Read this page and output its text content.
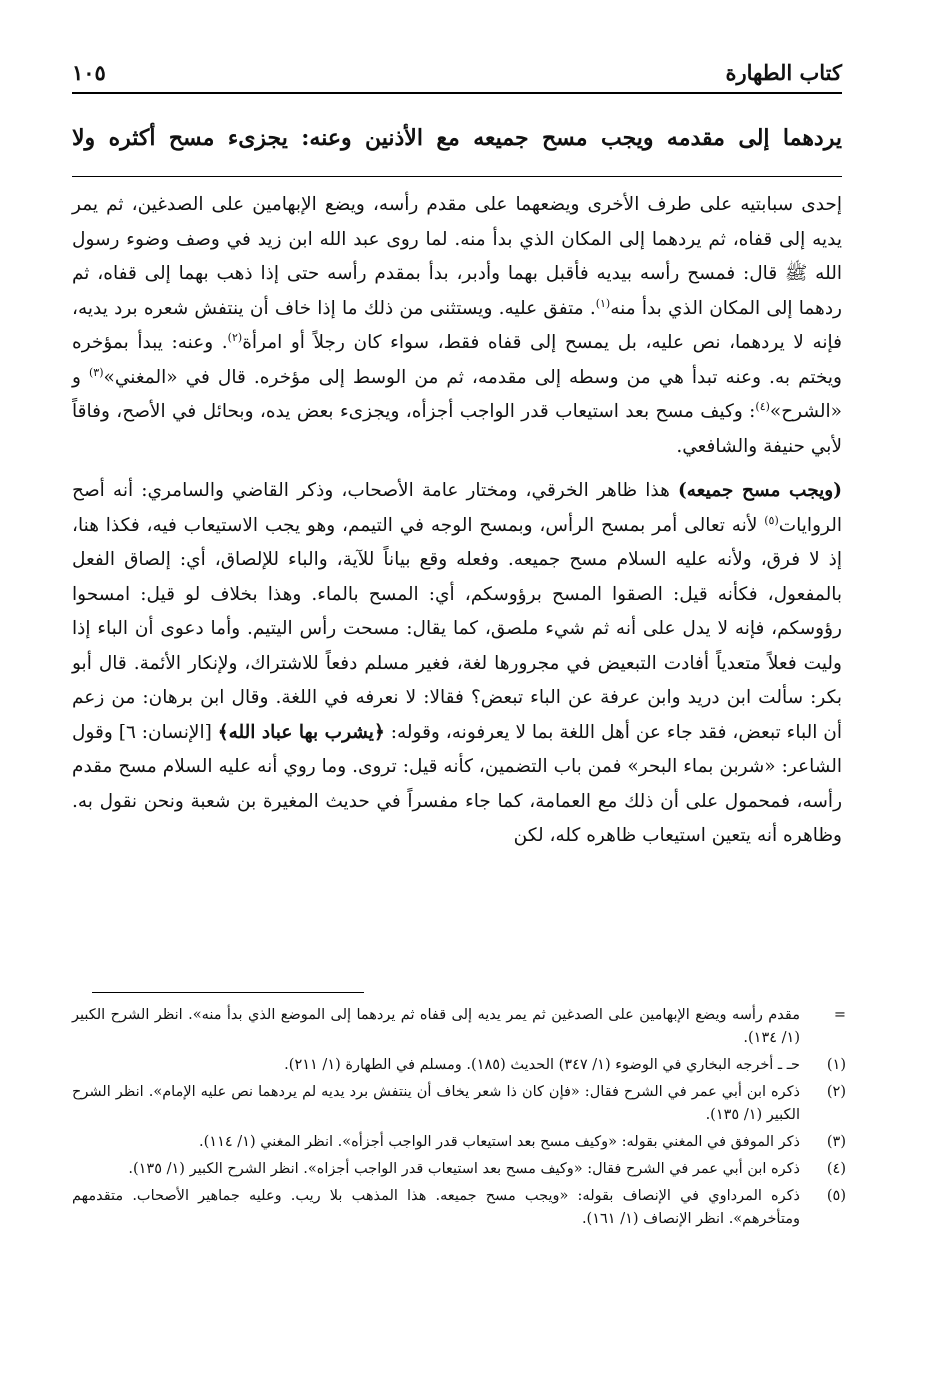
كتاب الطهارة
١٠٥
يردهما إلى مقدمه ويجب مسح جميعه مع الأذنين وعنه: يجزىء مسح أكثره ولا

إحدى سبابتيه على طرف الأخرى ويضعهما على مقدم رأسه، ويضع الإبهامين على الصدغين، ثم يمر يديه إلى قفاه، ثم يردهما إلى المكان الذي بدأ منه. لما روى عبد الله ابن زيد في وصف وضوء رسول الله ﷺ قال: فمسح رأسه بيديه فأقبل بهما وأدبر، بدأ بمقدم رأسه حتى إذا ذهب بهما إلى قفاه، ثم ردهما إلى المكان الذي بدأ منه$^{(١)}$. متفق عليه. ويستثنى من ذلك ما إذا خاف أن ينتفش شعره برد يديه، فإنه لا يردهما، نص عليه، بل يمسح إلى قفاه فقط، سواء كان رجلاً أو امرأة$^{(٢)}$. وعنه: يبدأ بمؤخره ويختم به. وعنه تبدأ هي من وسطه إلى مقدمه، ثم من الوسط إلى مؤخره. قال في «المغني»$^{(٣)}$ و «الشرح»$^{(٤)}$: وكيف مسح بعد استيعاب قدر الواجب أجزأه، ويجزىء بعض يده، وبحائل في الأصح، وفاقاً لأبي حنيفة والشافعي.

(ويجب مسح جميعه) هذا ظاهر الخرقي، ومختار عامة الأصحاب، وذكر القاضي والسامري: أنه أصح الروايات$^{(٥)}$ لأنه تعالى أمر بمسح الرأس، وبمسح الوجه في التيمم، وهو يجب الاستيعاب فيه، فكذا هنا، إذ لا فرق، ولأنه عليه السلام مسح جميعه. وفعله وقع بياناً للآية، والباء للإلصاق، أي: إلصاق الفعل بالمفعول، فكأنه قيل: الصقوا المسح برؤوسكم، أي: المسح بالماء. وهذا بخلاف لو قيل: امسحوا رؤوسكم، فإنه لا يدل على أنه ثم شيء ملصق، كما يقال: مسحت رأس اليتيم. وأما دعوى أن الباء إذا وليت فعلاً متعدياً أفادت التبعيض في مجرورها لغة، فغير مسلم دفعاً للاشتراك، ولإنكار الأئمة. قال أبو بكر: سألت ابن دريد وابن عرفة عن الباء تبعض؟ فقالا: لا نعرفه في اللغة. وقال ابن برهان: من زعم أن الباء تبعض، فقد جاء عن أهل اللغة بما لا يعرفونه، وقوله: ﴿يشرب بها عباد الله﴾ [الإنسان: ٦] وقول الشاعر: «شربن بماء البحر» فمن باب التضمين، كأنه قيل: تروى. وما روي أنه عليه السلام مسح مقدم رأسه، فمحمول على أن ذلك مع العمامة، كما جاء مفسراً في حديث المغيرة بن شعبة ونحن نقول به. وظاهره أنه يتعين استيعاب ظاهره كله، لكن

=
مقدم رأسه ويضع الإبهامين على الصدغين ثم يمر يديه إلى قفاه ثم يردهما إلى الموضع الذي بدأ منه». انظر الشرح الكبير (١/ ١٣٤).
(١)
حـ ـ أخرجه البخاري في الوضوء (١/ ٣٤٧) الحديث (١٨٥). ومسلم في الطهارة (١/ ٢١١).
(٢)
ذكره ابن أبي عمر في الشرح فقال: «فإن كان ذا شعر يخاف أن ينتفش برد يديه لم يردهما نص عليه الإمام». انظر الشرح الكبير (١/ ١٣٥).
(٣)
ذكر الموفق في المغني بقوله: «وكيف مسح بعد استيعاب قدر الواجب أجزأه». انظر المغني (١/ ١١٤).
(٤)
ذكره ابن أبي عمر في الشرح فقال: «وكيف مسح بعد استيعاب قدر الواجب أجزاه». انظر الشرح الكبير (١/ ١٣٥).
(٥)
ذكره المرداوي في الإنصاف بقوله: «ويجب مسح جميعه. هذا المذهب بلا ريب. وعليه جماهير الأصحاب. متقدمهم ومتأخرهم». انظر الإنصاف (١/ ١٦١).
